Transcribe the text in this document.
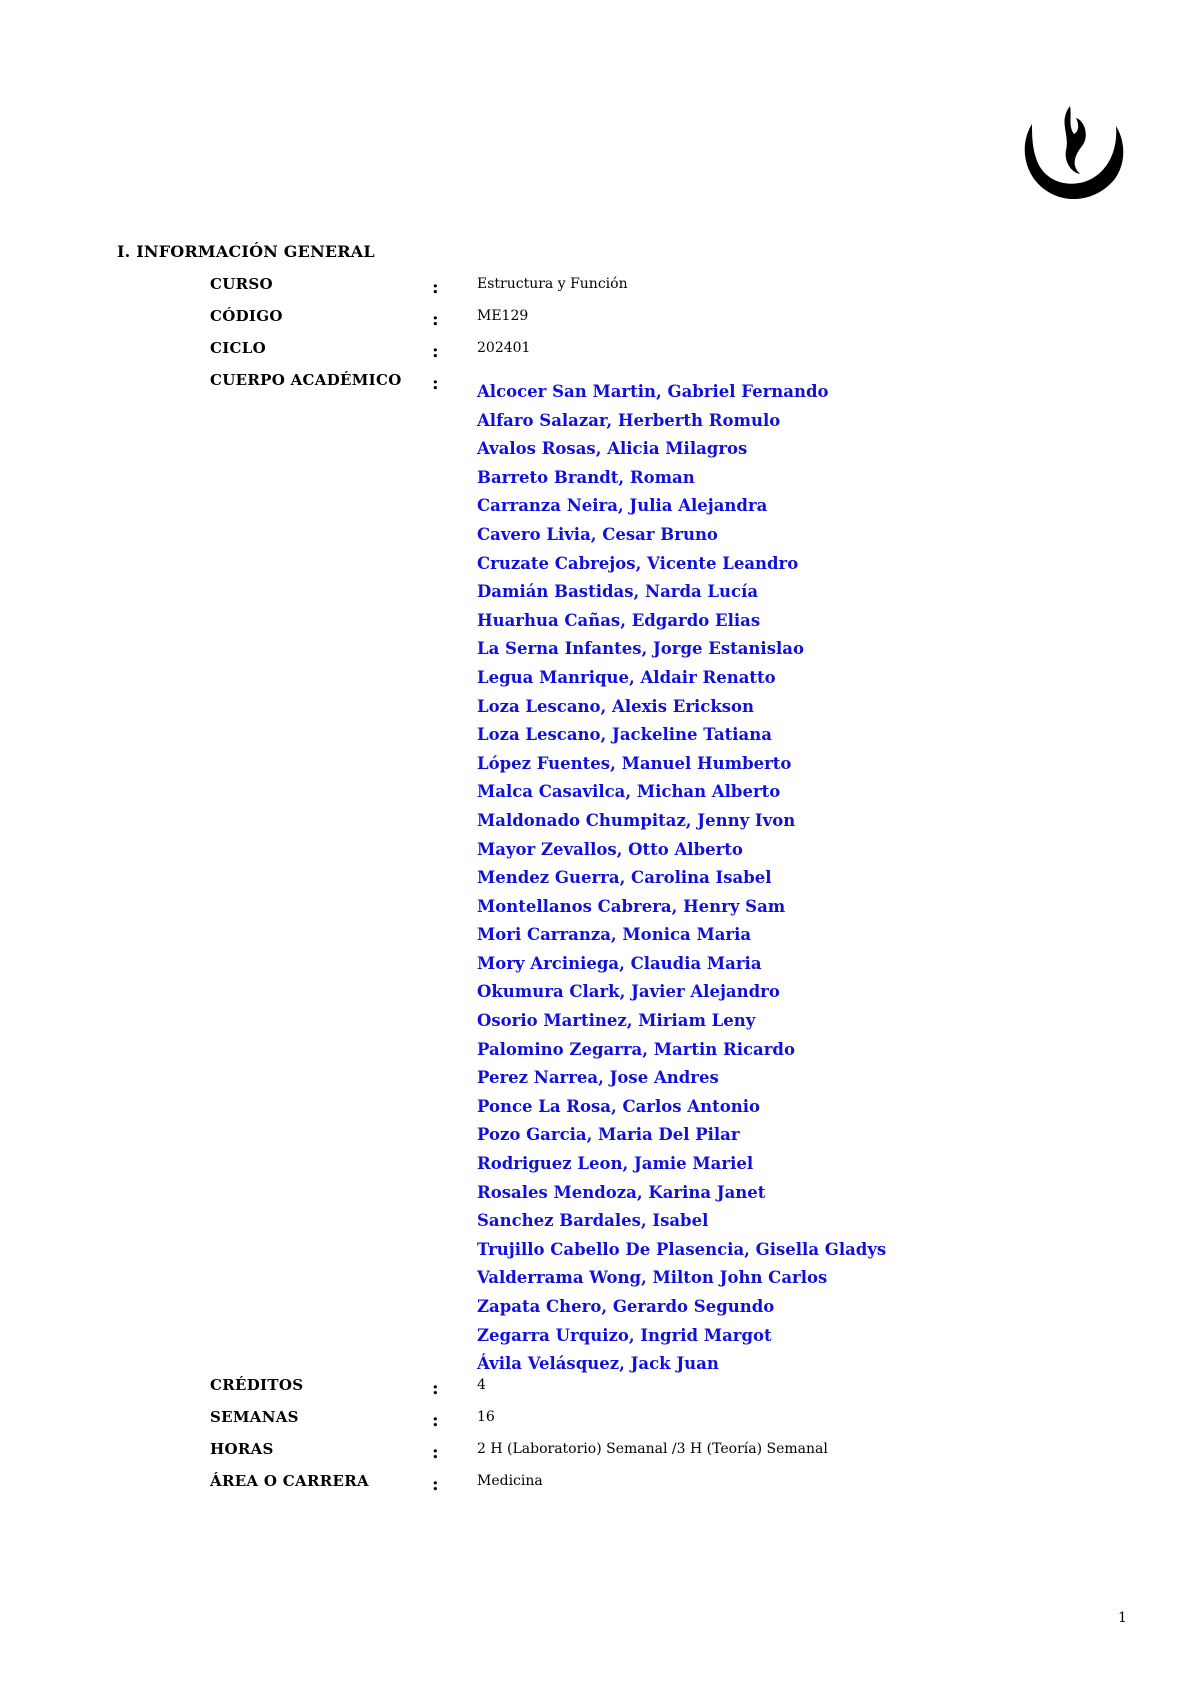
I. INFORMACIÓN GENERAL
CURSO	:	Estructura y Función
CÓDIGO	:	ME129
CICLO	:	202401
CUERPO ACADÉMICO : Alcocer San Martin, Gabriel Fernando
Alfaro Salazar, Herberth Romulo
Avalos Rosas, Alicia Milagros
Barreto Brandt, Roman
Carranza Neira, Julia Alejandra
Cavero Livia, Cesar Bruno
Cruzate Cabrejos, Vicente Leandro
Damián Bastidas, Narda Lucía
Huarhua Cañas, Edgardo Elias
La Serna Infantes, Jorge Estanislao
Legua Manrique, Aldair Renatto
Loza Lescano, Alexis Erickson
Loza Lescano, Jackeline Tatiana
López Fuentes, Manuel Humberto
Malca Casavilca, Michan Alberto
Maldonado Chumpitaz, Jenny Ivon
Mayor Zevallos, Otto Alberto
Mendez Guerra, Carolina Isabel
Montellanos Cabrera, Henry Sam
Mori Carranza, Monica Maria
Mory Arciniega, Claudia Maria
Okumura Clark, Javier Alejandro
Osorio Martinez, Miriam Leny
Palomino Zegarra, Martin Ricardo
Perez Narrea, Jose Andres
Ponce La Rosa, Carlos Antonio
Pozo Garcia, Maria Del Pilar
Rodriguez Leon, Jamie Mariel
Rosales Mendoza, Karina Janet
Sanchez Bardales, Isabel
Trujillo Cabello De Plasencia, Gisella Gladys
Valderrama Wong, Milton John Carlos
Zapata Chero, Gerardo Segundo
Zegarra Urquizo, Ingrid Margot
Ávila Velásquez, Jack Juan
CRÉDITOS	:	4
SEMANAS	:	16
HORAS	:	2 H (Laboratorio) Semanal /3 H (Teoría) Semanal
ÁREA O CARRERA	:	Medicina
1
